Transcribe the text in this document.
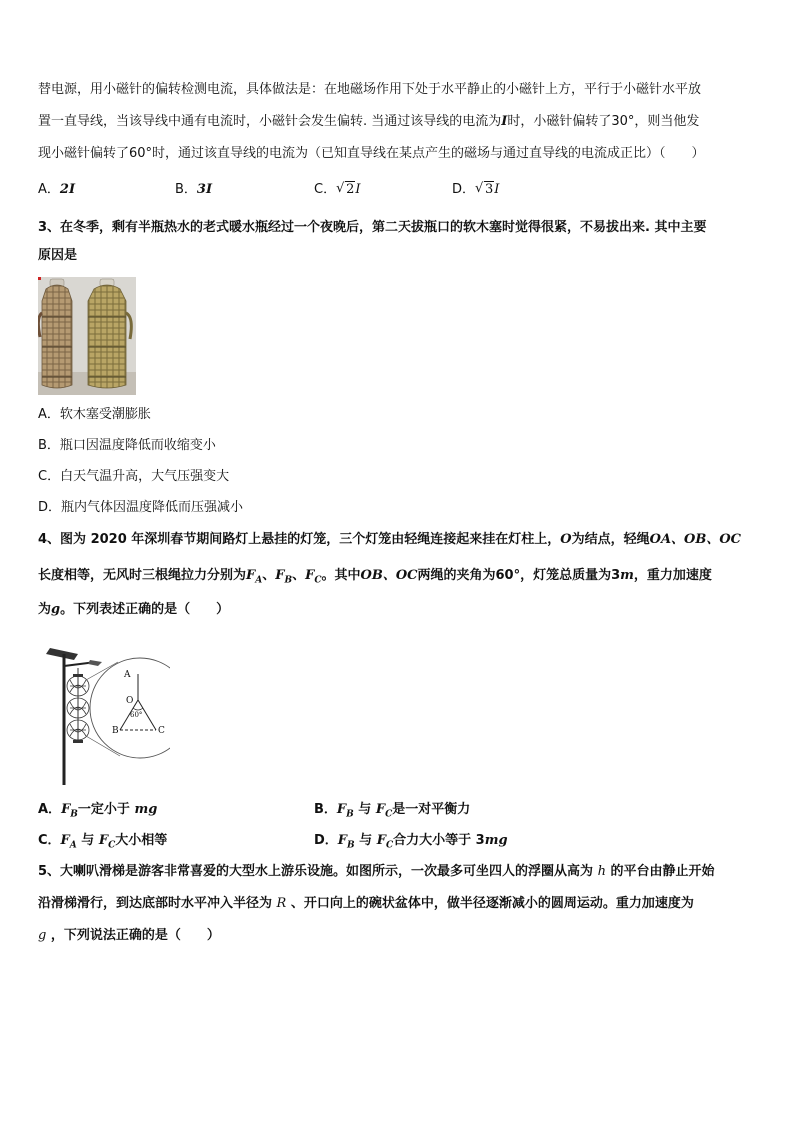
替电源，用小磁针的偏转检测电流，具体做法是：在地磁场作用下处于水平静止的小磁针上方，平行于小磁针水平放
置一直导线，当该导线中通有电流时，小磁针会发生偏转. 当通过该导线的电流为I时，小磁针偏转了30°，则当他发
现小磁针偏转了60°时，通过该直导线的电流为（已知直导线在某点产生的磁场与通过直导线的电流成正比）（　　）
A．2I	B．3I	C． √ 2I	D． √ 3I
3、在冬季，剩有半瓶热水的老式暖水瓶经过一个夜晚后，第二天拔瓶口的软木塞时觉得很紧，不易拔出来. 其中主要
原因是
A．软木塞受潮膨胀
B．瓶口因温度降低而收缩变小
C．白天气温升高，大气压强变大
D．瓶内气体因温度降低而压强减小
4、图为 2020 年深圳春节期间路灯上悬挂的灯笼，三个灯笼由轻绳连接起来挂在灯柱上，O为结点，轻绳OA、OB、OC
长度相等，无风时三根绳拉力分别为$F_A$、$F_B$、$F_C$。其中OB、OC两绳的夹角为60°，灯笼总质量为3m，重力加速度
为g。下列表述正确的是（　　）
A
O
B	C
60°
A．$F_B$一定小于 mg	B．$F_B$ 与 $F_C$是一对平衡力
C．$F_A$ 与 $F_C$大小相等	D．$F_B$ 与 $F_C$合力大小等于 3mg
5、大喇叭滑梯是游客非常喜爱的大型水上游乐设施。如图所示，一次最多可坐四人的浮圈从高为 h 的平台由静止开始
沿滑梯滑行，到达底部时水平冲入半径为 R 、开口向上的碗状盆体中，做半径逐渐减小的圆周运动。重力加速度为
g ，下列说法正确的是（　　）
